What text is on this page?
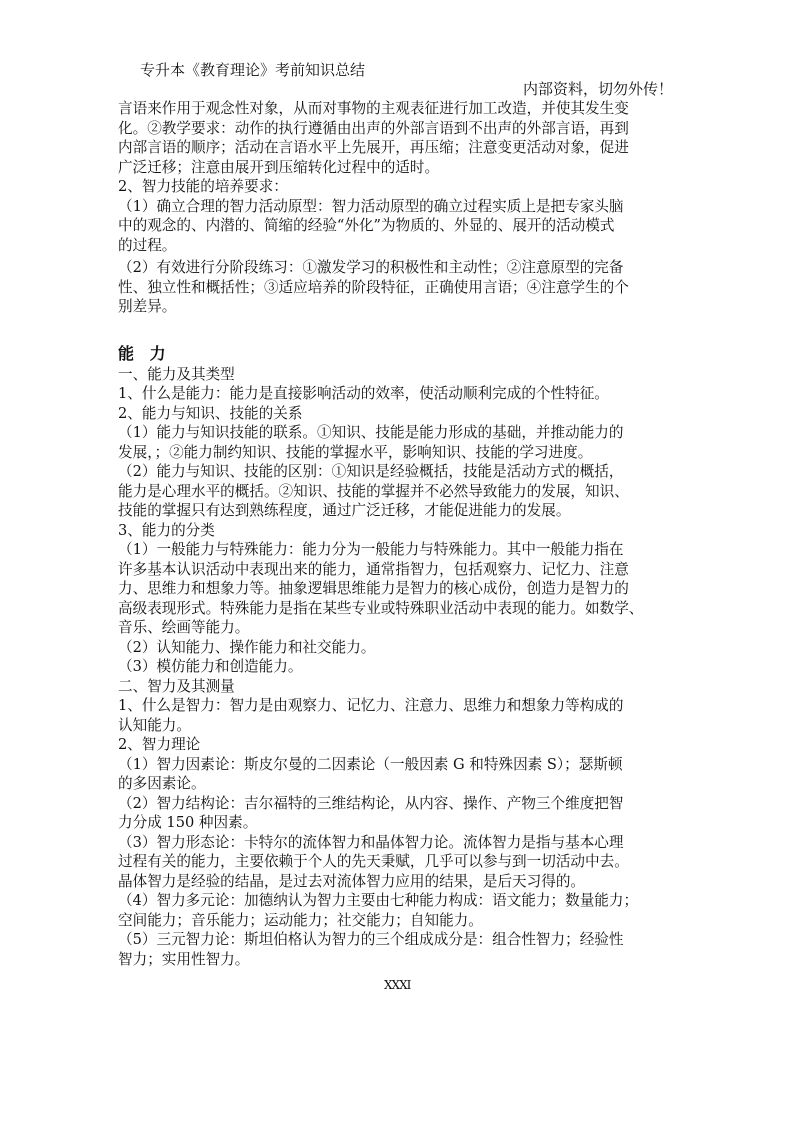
专升本《教育理论》考前知识总结
内部资料，切勿外传！

言语来作用于观念性对象，从而对事物的主观表征进行加工改造，并使其发生变

化。②教学要求：动作的执行遵循由出声的外部言语到不出声的外部言语，再到

内部言语的顺序；活动在言语水平上先展开，再压缩；注意变更活动对象，促进

广泛迁移；注意由展开到压缩转化过程中的适时。

2、智力技能的培养要求：

（1）确立合理的智力活动原型：智力活动原型的确立过程实质上是把专家头脑

中的观念的、内潜的、简缩的经验“外化”为物质的、外显的、展开的活动模式

的过程。

（2）有效进行分阶段练习：①激发学习的积极性和主动性；②注意原型的完备

性、独立性和概括性；③适应培养的阶段特征，正确使用言语；④注意学生的个

别差异。

能 力

一、能力及其类型

1、什么是能力：能力是直接影响活动的效率，使活动顺利完成的个性特征。

2、能力与知识、技能的关系

（1）能力与知识技能的联系。①知识、技能是能力形成的基础，并推动能力的

发展，；②能力制约知识、技能的掌握水平，影响知识、技能的学习进度。

（2）能力与知识、技能的区别：①知识是经验概括，技能是活动方式的概括，

能力是心理水平的概括。②知识、技能的掌握并不必然导致能力的发展，知识、

技能的掌握只有达到熟练程度，通过广泛迁移，才能促进能力的发展。

3、能力的分类

（1）一般能力与特殊能力：能力分为一般能力与特殊能力。其中一般能力指在

许多基本认识活动中表现出来的能力，通常指智力，包括观察力、记忆力、注意

力、思维力和想象力等。抽象逻辑思维能力是智力的核心成份，创造力是智力的

高级表现形式。特殊能力是指在某些专业或特殊职业活动中表现的能力。如数学、

音乐、绘画等能力。

（2）认知能力、操作能力和社交能力。

（3）模仿能力和创造能力。

二、智力及其测量

1、什么是智力：智力是由观察力、记忆力、注意力、思维力和想象力等构成的

认知能力。

2、智力理论

（1）智力因素论：斯皮尔曼的二因素论（一般因素 G 和特殊因素 S）；瑟斯顿

的多因素论。

（2）智力结构论：吉尔福特的三维结构论，从内容、操作、产物三个维度把智

力分成 150 种因素。

（3）智力形态论：卡特尔的流体智力和晶体智力论。流体智力是指与基本心理

过程有关的能力，主要依赖于个人的先天秉赋，几乎可以参与到一切活动中去。

晶体智力是经验的结晶，是过去对流体智力应用的结果，是后天习得的。

（4）智力多元论：加德纳认为智力主要由七种能力构成：语文能力；数量能力；

空间能力；音乐能力；运动能力；社交能力；自知能力。

（5）三元智力论：斯坦伯格认为智力的三个组成成分是：组合性智力；经验性

智力；实用性智力。

XXXI
